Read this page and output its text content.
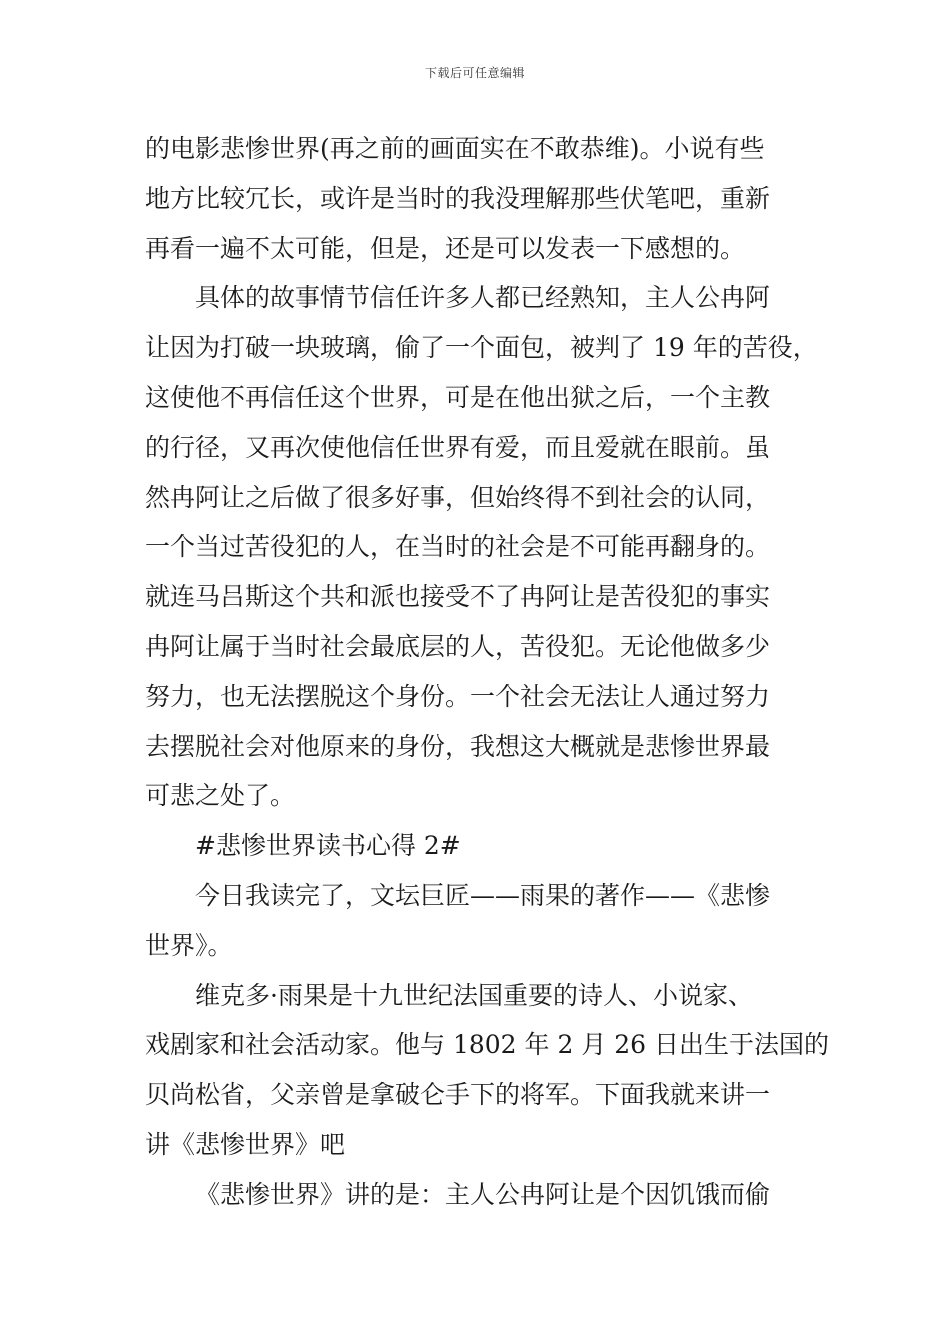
下载后可任意编辑
的电影悲惨世界(再之前的画面实在不敢恭维)。小说有些
地方比较冗长，或许是当时的我没理解那些伏笔吧，重新
再看一遍不太可能，但是，还是可以发表一下感想的。
具体的故事情节信任许多人都已经熟知，主人公冉阿
让因为打破一块玻璃，偷了一个面包，被判了 19 年的苦役，
这使他不再信任这个世界，可是在他出狱之后，一个主教
的行径，又再次使他信任世界有爱，而且爱就在眼前。虽
然冉阿让之后做了很多好事，但始终得不到社会的认同，
一个当过苦役犯的人，在当时的社会是不可能再翻身的。
就连马吕斯这个共和派也接受不了冉阿让是苦役犯的事实
冉阿让属于当时社会最底层的人，苦役犯。无论他做多少
努力，也无法摆脱这个身份。一个社会无法让人通过努力
去摆脱社会对他原来的身份，我想这大概就是悲惨世界最
可悲之处了。
#悲惨世界读书心得 2#
今日我读完了，文坛巨匠——雨果的著作——《悲惨
世界》。
维克多·雨果是十九世纪法国重要的诗人、小说家、
戏剧家和社会活动家。他与 1802 年 2 月 26 日出生于法国的
贝尚松省，父亲曾是拿破仑手下的将军。下面我就来讲一
讲《悲惨世界》吧
《悲惨世界》讲的是：主人公冉阿让是个因饥饿而偷
